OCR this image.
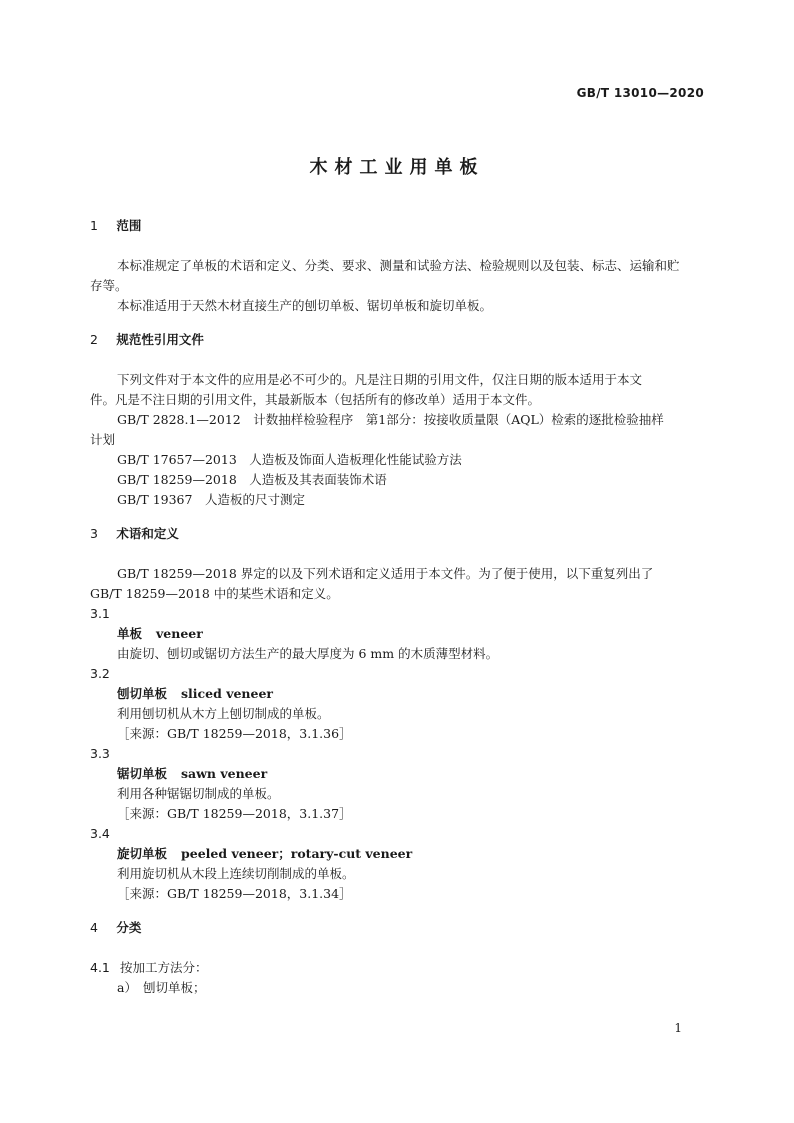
GB/T 13010—2020
木材工业用单板
1 范围

本标准规定了单板的术语和定义、分类、要求、测量和试验方法、检验规则以及包装、标志、运输和贮

存等。

本标准适用于天然木材直接生产的刨切单板、锯切单板和旋切单板。

2 规范性引用文件

下列文件对于本文件的应用是必不可少的。凡是注日期的引用文件，仅注日期的版本适用于本文

件。凡是不注日期的引用文件，其最新版本（包括所有的修改单）适用于本文件。

GB/T 2828.1—2012　计数抽样检验程序　第1部分：按接收质量限（AQL）检索的逐批检验抽样

计划

GB/T 17657—2013　人造板及饰面人造板理化性能试验方法

GB/T 18259—2018　人造板及其表面装饰术语

GB/T 19367　人造板的尺寸测定

3 术语和定义

GB/T 18259—2018 界定的以及下列术语和定义适用于本文件。为了便于使用，以下重复列出了

GB/T 18259—2018 中的某些术语和定义。

3.1

单板 veneer

由旋切、刨切或锯切方法生产的最大厚度为 6 mm 的木质薄型材料。

3.2

刨切单板 sliced veneer

利用刨切机从木方上刨切制成的单板。

［来源：GB/T 18259—2018，3.1.36］

3.3

锯切单板 sawn veneer

利用各种锯锯切制成的单板。

［来源：GB/T 18259—2018，3.1.37］

3.4

旋切单板 peeled veneer；rotary-cut veneer

利用旋切机从木段上连续切削制成的单板。

［来源：GB/T 18259—2018，3.1.34］

4 分类

4.1 按加工方法分：

a） 刨切单板；

1
